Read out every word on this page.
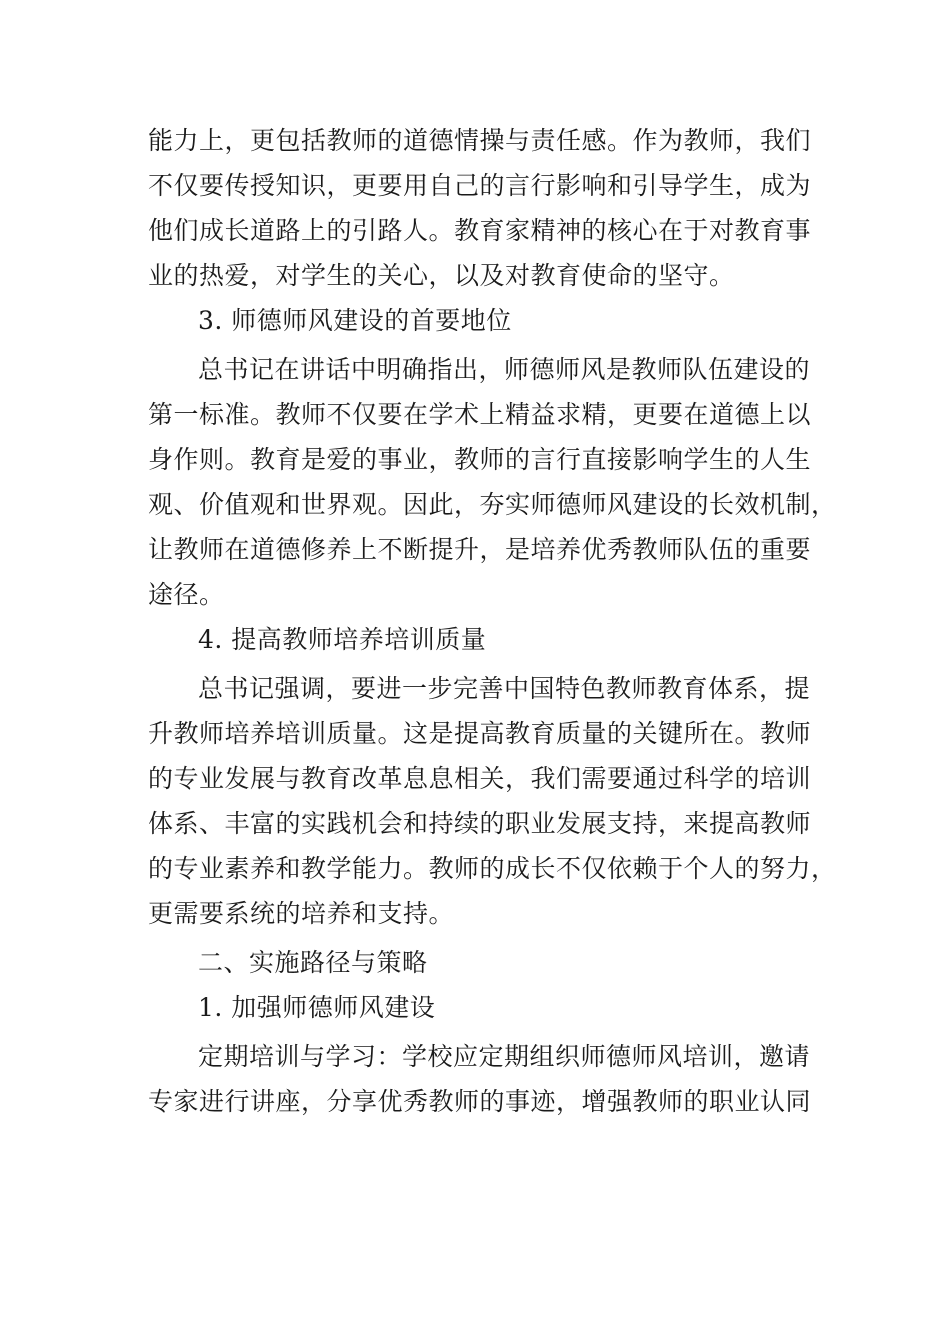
能力上，更包括教师的道德情操与责任感。作为教师，我们
不仅要传授知识，更要用自己的言行影响和引导学生，成为
他们成长道路上的引路人。教育家精神的核心在于对教育事
业的热爱，对学生的关心，以及对教育使命的坚守。
3. 师德师风建设的首要地位
总书记在讲话中明确指出，师德师风是教师队伍建设的
第一标准。教师不仅要在学术上精益求精，更要在道德上以
身作则。教育是爱的事业，教师的言行直接影响学生的人生
观、价值观和世界观。因此，夯实师德师风建设的长效机制，
让教师在道德修养上不断提升，是培养优秀教师队伍的重要
途径。
4. 提高教师培养培训质量
总书记强调，要进一步完善中国特色教师教育体系，提
升教师培养培训质量。这是提高教育质量的关键所在。教师
的专业发展与教育改革息息相关，我们需要通过科学的培训
体系、丰富的实践机会和持续的职业发展支持，来提高教师
的专业素养和教学能力。教师的成长不仅依赖于个人的努力，
更需要系统的培养和支持。
二、实施路径与策略
1. 加强师德师风建设
定期培训与学习：学校应定期组织师德师风培训，邀请
专家进行讲座，分享优秀教师的事迹，增强教师的职业认同
